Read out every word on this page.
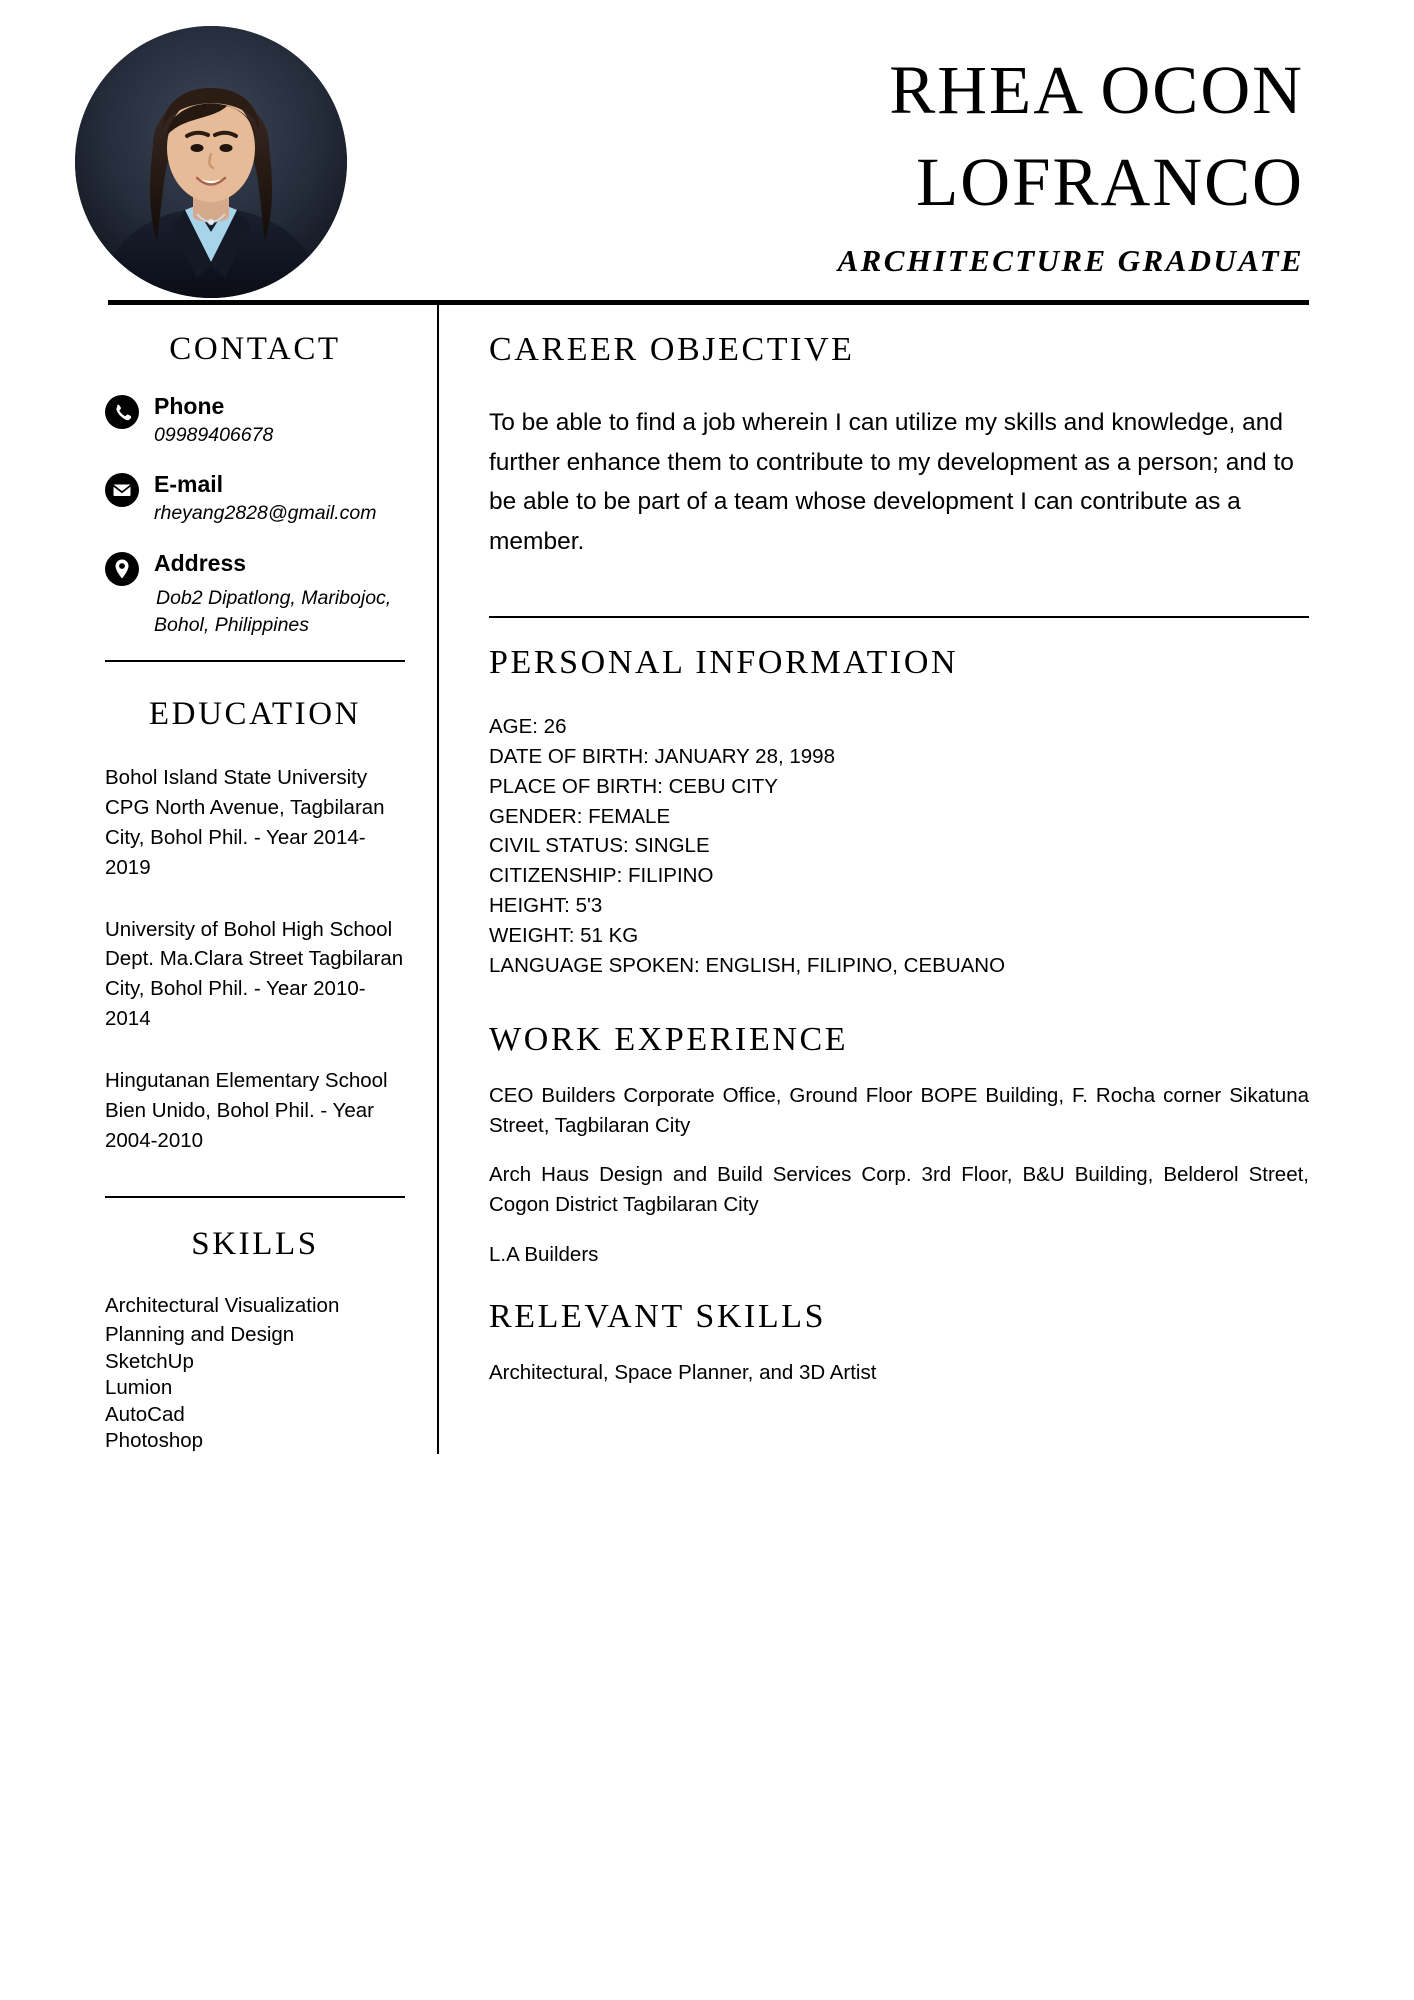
RHEA OCON
LOFRANCO
ARCHITECTURE GRADUATE
CONTACT
Phone
09989406678
E-mail
rheyang2828@gmail.com
Address
Dob2 Dipatlong, Maribojoc,
Bohol, Philippines
EDUCATION
Bohol Island State University CPG North Avenue, Tagbilaran City, Bohol Phil. - Year 2014-2019
University of Bohol High School Dept. Ma.Clara Street Tagbilaran City, Bohol Phil. - Year 2010-2014
Hingutanan Elementary School Bien Unido, Bohol Phil. - Year 2004-2010
SKILLS
Architectural Visualization
Planning and Design
SketchUp
Lumion
AutoCad
Photoshop
CAREER OBJECTIVE
To be able to find a job wherein I can utilize my skills and knowledge, and further enhance them to contribute to my development as a person; and to be able to be part of a team whose development I can contribute as a member.
PERSONAL INFORMATION
AGE: 26
DATE OF BIRTH: JANUARY 28, 1998
PLACE OF BIRTH: CEBU CITY
GENDER: FEMALE
CIVIL STATUS: SINGLE
CITIZENSHIP: FILIPINO
HEIGHT: 5'3
WEIGHT: 51 KG
LANGUAGE SPOKEN: ENGLISH, FILIPINO, CEBUANO
WORK EXPERIENCE
CEO Builders Corporate Office, Ground Floor BOPE Building, F. Rocha corner Sikatuna Street, Tagbilaran City
Arch Haus Design and Build Services Corp. 3rd Floor, B&U Building, Belderol Street, Cogon District Tagbilaran City
L.A Builders
RELEVANT SKILLS
Architectural, Space Planner, and 3D Artist
